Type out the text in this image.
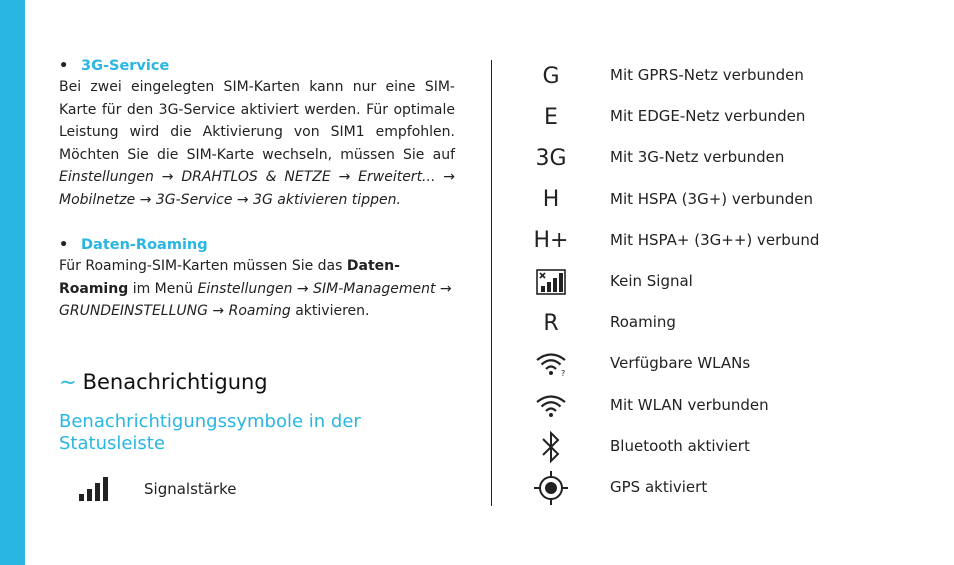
• 3G-Service
Bei zwei eingelegten SIM-Karten kann nur eine SIM-Karte für den 3G-Service aktiviert werden. Für optimale Leistung wird die Aktivierung von SIM1 empfohlen. Möchten Sie die SIM-Karte wechseln, müssen Sie auf Einstellungen → DRAHTLOS & NETZE → Erweitert... → Mobilnetze → 3G-Service → 3G aktivieren tippen.
• Daten-Roaming
Für Roaming-SIM-Karten müssen Sie das Daten-Roaming im Menü Einstellungen → SIM-Management → GRUNDEINSTELLUNG → Roaming aktivieren.
~ Benachrichtigung
Benachrichtigungssymbole in der Statusleiste
Signalstärke
G	Mit GPRS-Netz verbunden
E	Mit EDGE-Netz verbunden
3G	Mit 3G-Netz verbunden
H	Mit HSPA (3G+) verbunden
H+	Mit HSPA+ (3G++) verbund
Kein Signal
R	Roaming
?
Verfügbare WLANs
Mit WLAN verbunden
Bluetooth aktiviert
GPS aktiviert
